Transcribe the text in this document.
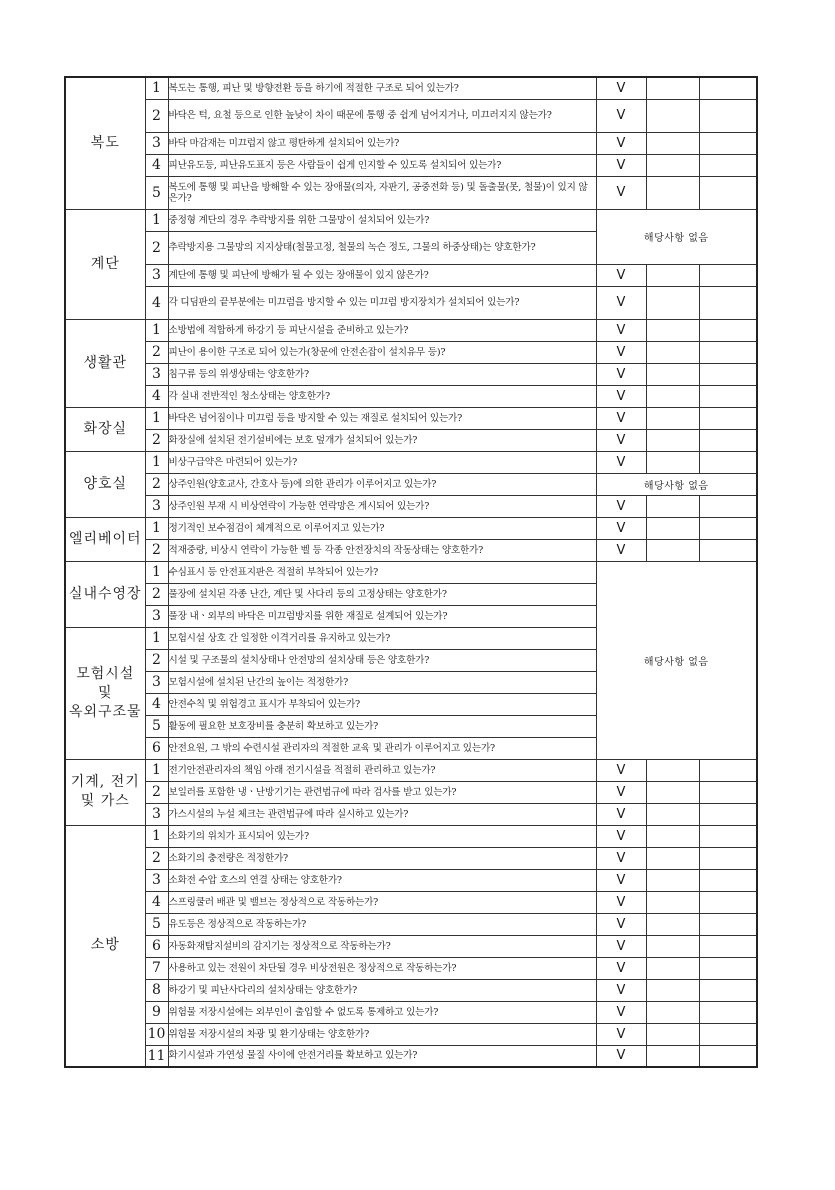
복도	1	복도는 통행, 피난 및 방향전환 등을 하기에 적절한 구조로 되어 있는가?	V		
	2	바닥은 턱, 요철 등으로 인한 높낮이 차이 때문에 통행 중 쉽게 넘어지거나, 미끄러지지 않는가?	V		
	3	바닥 마감재는 미끄럽지 않고 평탄하게 설치되어 있는가?	V		
	4	피난유도등, 피난유도표지 등은 사람들이 쉽게 인지할 수 있도록 설치되어 있는가?	V		
	5	복도에 통행 및 피난을 방해할 수 있는 장애물(의자, 자판기, 공중전화 등) 및 돌출물(못, 철물)이 있지 않은가?	V		

계단	1	중정형 계단의 경우 추락방지를 위한 그물망이 설치되어 있는가?	해당사항 없음		
	2	추락방지용 그물망의 지지상태(철물고정, 철물의 녹슨 정도, 그물의 하중상태)는 양호한가?			
	3	계단에 통행 및 피난에 방해가 될 수 있는 장애물이 있지 않은가?	V		
	4	각 디딤판의 끝부분에는 미끄럼을 방지할 수 있는 미끄럼 방지장치가 설치되어 있는가?	V		

생활관	1	소방법에 적합하게 하강기 등 피난시설을 준비하고 있는가?	V		
	2	피난이 용이한 구조로 되어 있는가(창문에 안전손잡이 설치유무 등)?	V		
	3	침구류 등의 위생상태는 양호한가?	V		
	4	각 실내 전반적인 청소상태는 양호한가?	V		

화장실	1	바닥은 넘어짐이나 미끄럼 등을 방지할 수 있는 재질로 설치되어 있는가?	V		
	2	화장실에 설치된 전기설비에는 보호 덮개가 설치되어 있는가?	V		

양호실	1	비상구급약은 마련되어 있는가?	V		
	2	상주인원(양호교사, 간호사 등)에 의한 관리가 이루어지고 있는가?	해당사항 없음		
	3	상주인원 부재 시 비상연락이 가능한 연락망은 게시되어 있는가?	V		

엘리베이터	1	정기적인 보수점검이 체계적으로 이루어지고 있는가?	V		
	2	적재중량, 비상시 연락이 가능한 벨 등 각종 안전장치의 작동상태는 양호한가?	V		

실내수영장	1	수심표시 등 안전표지판은 적절히 부착되어 있는가?	해당사항 없음		
	2	풀장에 설치된 각종 난간, 계단 및 사다리 등의 고정상태는 양호한가?			
	3	풀장 내ㆍ외부의 바닥은 미끄럼방지를 위한 재질로 설계되어 있는가?			

모험시설
및
옥외구조물	1	모험시설 상호 간 일정한 이격거리를 유지하고 있는가?			
	2	시설 및 구조물의 설치상태나 안전망의 설치상태 등은 양호한가?			
	3	모험시설에 설치된 난간의 높이는 적정한가?			
	4	안전수칙 및 위험경고 표시가 부착되어 있는가?			
	5	활동에 필요한 보호장비를 충분히 확보하고 있는가?			
	6	안전요원, 그 밖의 수련시설 관리자의 적절한 교육 및 관리가 이루어지고 있는가?			

기계, 전기
및 가스	1	전기안전관리자의 책임 아래 전기시설을 적절히 관리하고 있는가?	V		
	2	보일러를 포함한 냉ㆍ난방기기는 관련법규에 따라 검사를 받고 있는가?	V		
	3	가스시설의 누설 체크는 관련법규에 따라 실시하고 있는가?	V		

소방	1	소화기의 위치가 표시되어 있는가?	V		
	2	소화기의 충전량은 적정한가?	V		
	3	소화전 수압 호스의 연결 상태는 양호한가?	V		
	4	스프링쿨러 배관 및 밸브는 정상적으로 작동하는가?	V		
	5	유도등은 정상적으로 작동하는가?	V		
	6	자동화재탐지설비의 감지기는 정상적으로 작동하는가?	V		
	7	사용하고 있는 전원이 차단될 경우 비상전원은 정상적으로 작동하는가?	V		
	8	하강기 및 피난사다리의 설치상태는 양호한가?	V		
	9	위험물 저장시설에는 외부인이 출입할 수 없도록 통제하고 있는가?	V		
	10	위험물 저장시설의 차광 및 환기상태는 양호한가?	V		
	11	화기시설과 가연성 물질 사이에 안전거리를 확보하고 있는가?	V		
